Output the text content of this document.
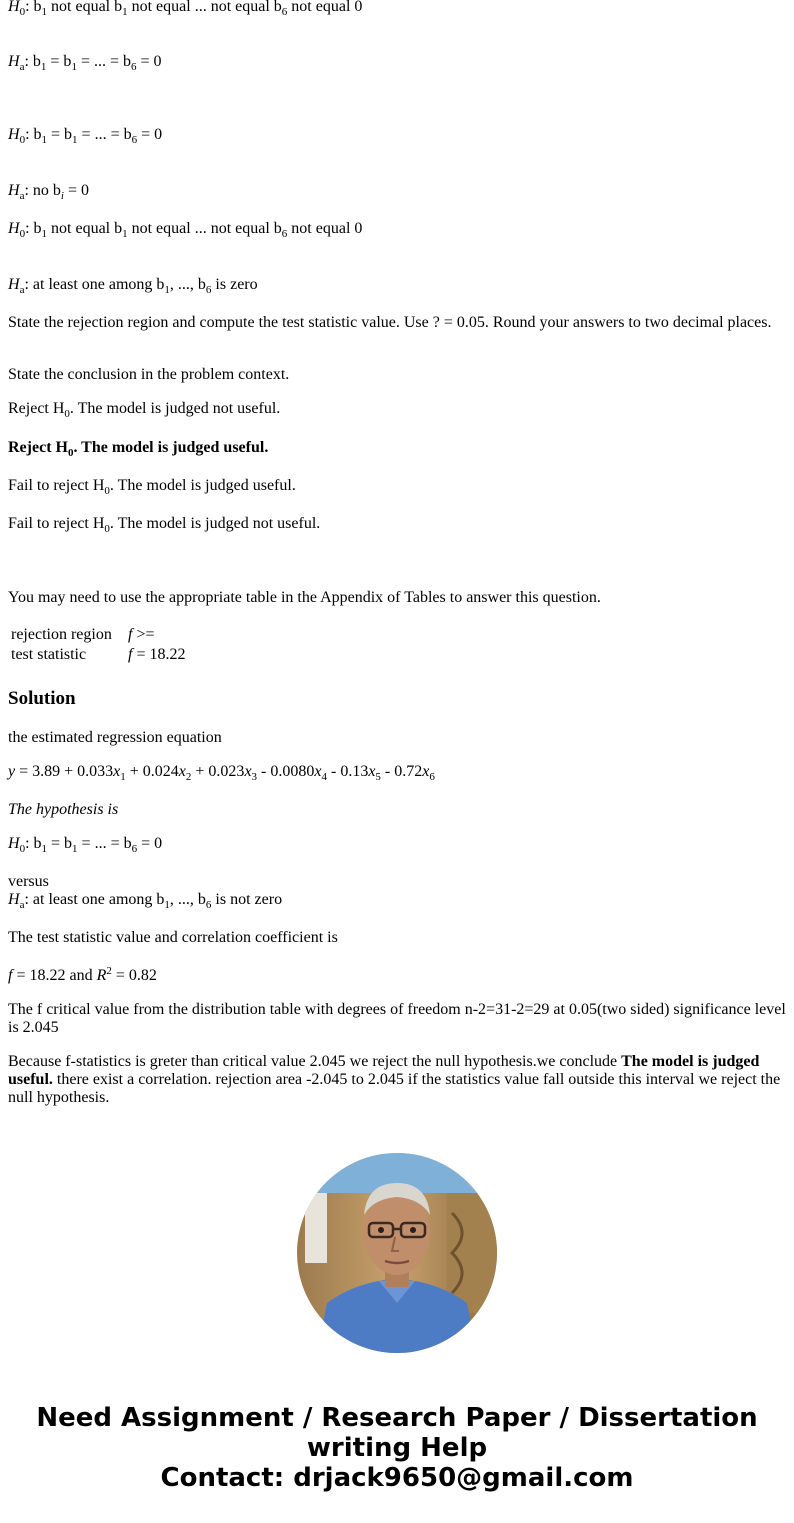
$H_0$: $b_1$ not equal $b_1$ not equal ... not equal $b_6$ not equal 0
$H_a$: $b_1 = b_1$ = ... = $b_6 = 0$
$H_0$: $b_1 = b_1$ = ... = $b_6 = 0$
$H_a$: no $b_i = 0$
$H_0$: $b_1$ not equal $b_1$ not equal ... not equal $b_6$ not equal 0
$H_a$: at least one among $b_1$, ..., $b_6$ is zero
State the rejection region and compute the test statistic value. Use ? = 0.05. Round your answers to two decimal places.
State the conclusion in the problem context.
Reject $H_0$. The model is judged not useful.
Reject $H_0$. The model is judged useful.
Fail to reject $H_0$. The model is judged useful.
Fail to reject $H_0$. The model is judged not useful.
You may need to use the appropriate table in the Appendix of Tables to answer this question.
rejection region	f >=
test statistic	f = 18.22
Solution
the estimated regression equation
$y = 3.89 + 0.033x_1 + 0.024x_2 + 0.023x_3 - 0.0080x_4 - 0.13x_5 - 0.72x_6$
The hypothesis is
$H_0$: $b_1 = b_1$ = ... = $b_6 = 0$
versus
$H_a$: at least one among $b_1$, ..., $b_6$ is not zero
The test statistic value and correlation coefficient is
f = 18.22 and $R^2 = 0.82$
The f critical value from the distribution table with degrees of freedom n-2=31-2=29 at 0.05(two sided) significance level is 2.045
Because f-statistics is greter than critical value 2.045 we reject the null hypothesis.we conclude The model is judged useful. there exist a correlation. rejection area -2.045 to 2.045 if the statistics value fall outside this interval we reject the null hypothesis.
Need Assignment / Research Paper / Dissertation
writing Help
Contact: drjack9650@gmail.com
